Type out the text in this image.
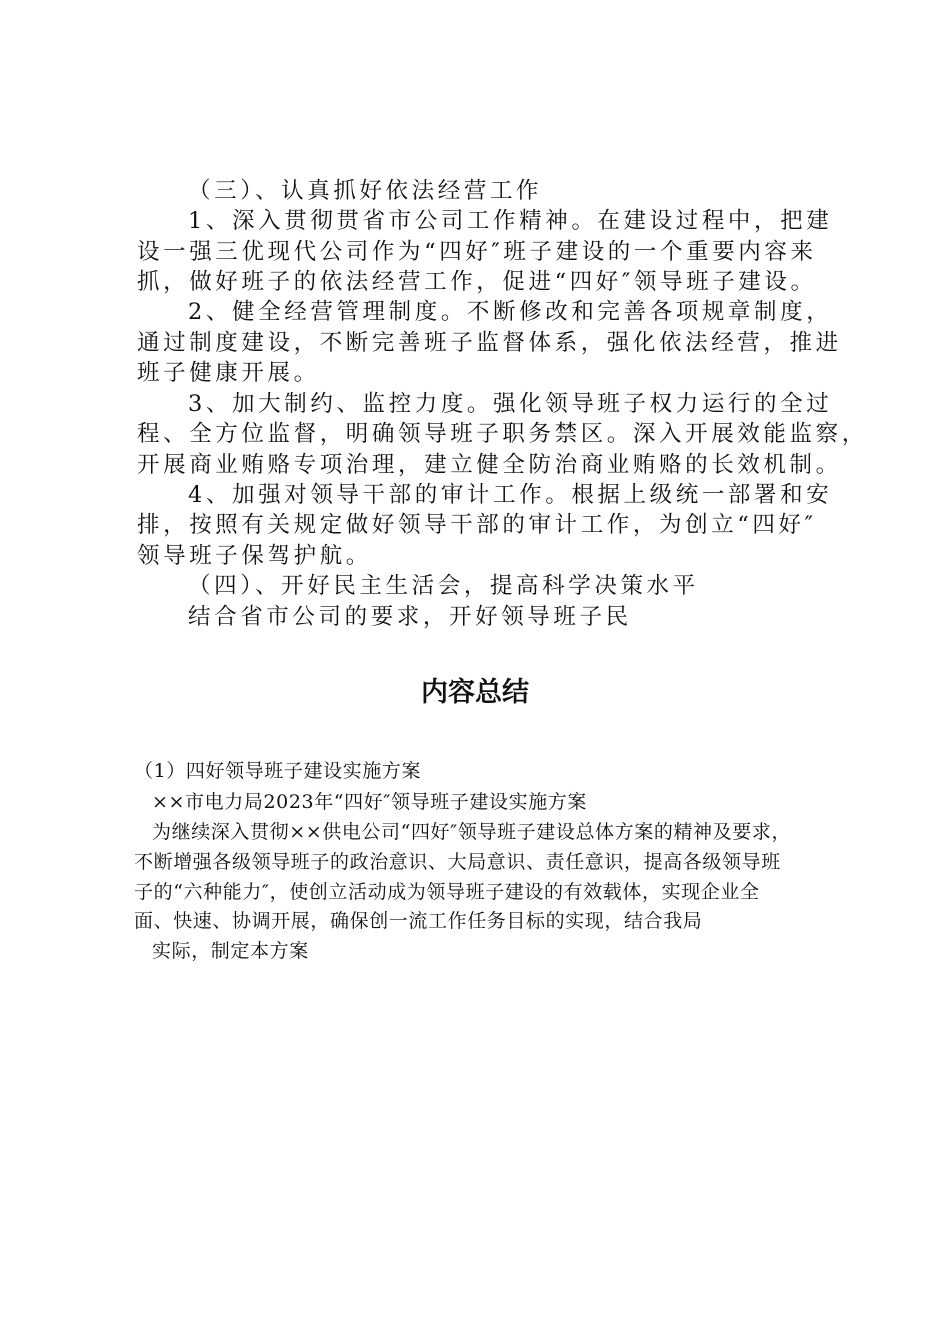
（三）、认真抓好依法经营工作

1、深入贯彻贯省市公司工作精神。在建设过程中，把建

设一强三优现代公司作为“四好″班子建设的一个重要内容来

抓，做好班子的依法经营工作，促进“四好″领导班子建设。

2、健全经营管理制度。不断修改和完善各项规章制度，

通过制度建设，不断完善班子监督体系，强化依法经营，推进

班子健康开展。

3、加大制约、监控力度。强化领导班子权力运行的全过

程、全方位监督，明确领导班子职务禁区。深入开展效能监察，

开展商业贿赂专项治理，建立健全防治商业贿赂的长效机制。

4、加强对领导干部的审计工作。根据上级统一部署和安

排，按照有关规定做好领导干部的审计工作，为创立“四好″

领导班子保驾护航。

（四）、开好民主生活会，提高科学决策水平

结合省市公司的要求，开好领导班子民

内容总结

（1）四好领导班子建设实施方案

××市电力局2023年“四好″领导班子建设实施方案

为继续深入贯彻××供电公司“四好″领导班子建设总体方案的精神及要求，

不断增强各级领导班子的政治意识、大局意识、责任意识，提高各级领导班

子的“六种能力″，使创立活动成为领导班子建设的有效载体，实现企业全

面、快速、协调开展，确保创一流工作任务目标的实现，结合我局

实际，制定本方案
